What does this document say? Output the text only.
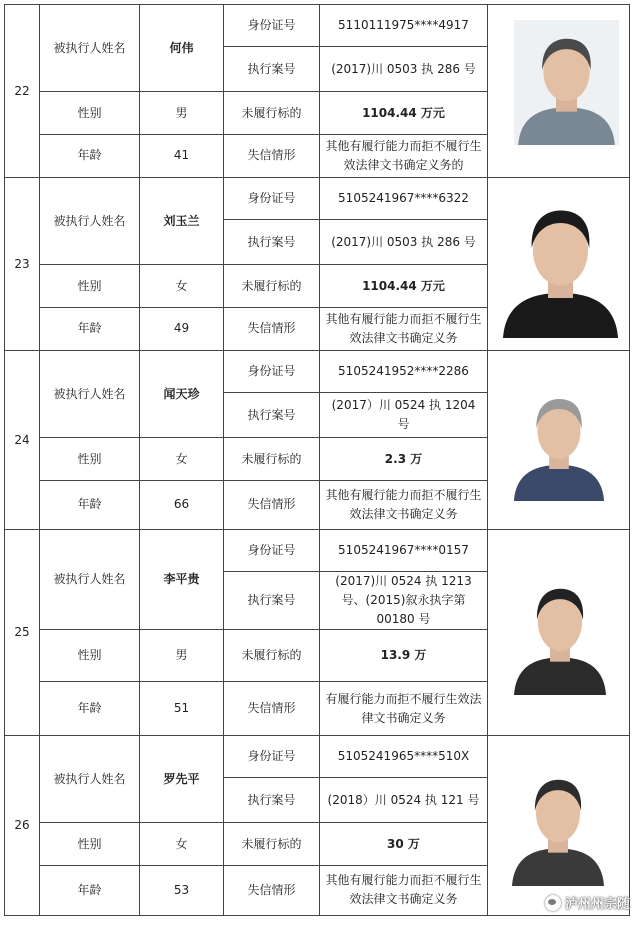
22	被执行人姓名	何伟	身份证号	5110111975****4917	

			执行案号	(2017)川 0503 执 286 号	
	性别	男	未履行标的	1104.44 万元	
	年龄	41	失信情形	其他有履行能力而拒不履行生效法律文书确定义务的	
23	被执行人姓名	刘玉兰	身份证号	5105241967****6322	

			执行案号	(2017)川 0503 执 286 号	
	性别	女	未履行标的	1104.44 万元	
	年龄	49	失信情形	其他有履行能力而拒不履行生效法律文书确定义务	
24	被执行人姓名	闻天珍	身份证号	5105241952****2286	

			执行案号	(2017）川 0524 执 1204 号	
	性别	女	未履行标的	2.3 万	
	年龄	66	失信情形	其他有履行能力而拒不履行生效法律文书确定义务	
25	被执行人姓名	李平贵	身份证号	5105241967****0157	

			执行案号	(2017)川 0524 执 1213 号、(2015)叙永执字第 00180 号	
	性别	男	未履行标的	13.9 万	
	年龄	51	失信情形	有履行能力而拒不履行生效法律文书确定义务	
26	被执行人姓名	罗先平	身份证号	5105241965****510X	

			执行案号	(2018）川 0524 执 121 号	
	性别	女	未履行标的	30 万	
	年龄	53	失信情形	其他有履行能力而拒不履行生效法律文书确定义务		泸州州宗随
